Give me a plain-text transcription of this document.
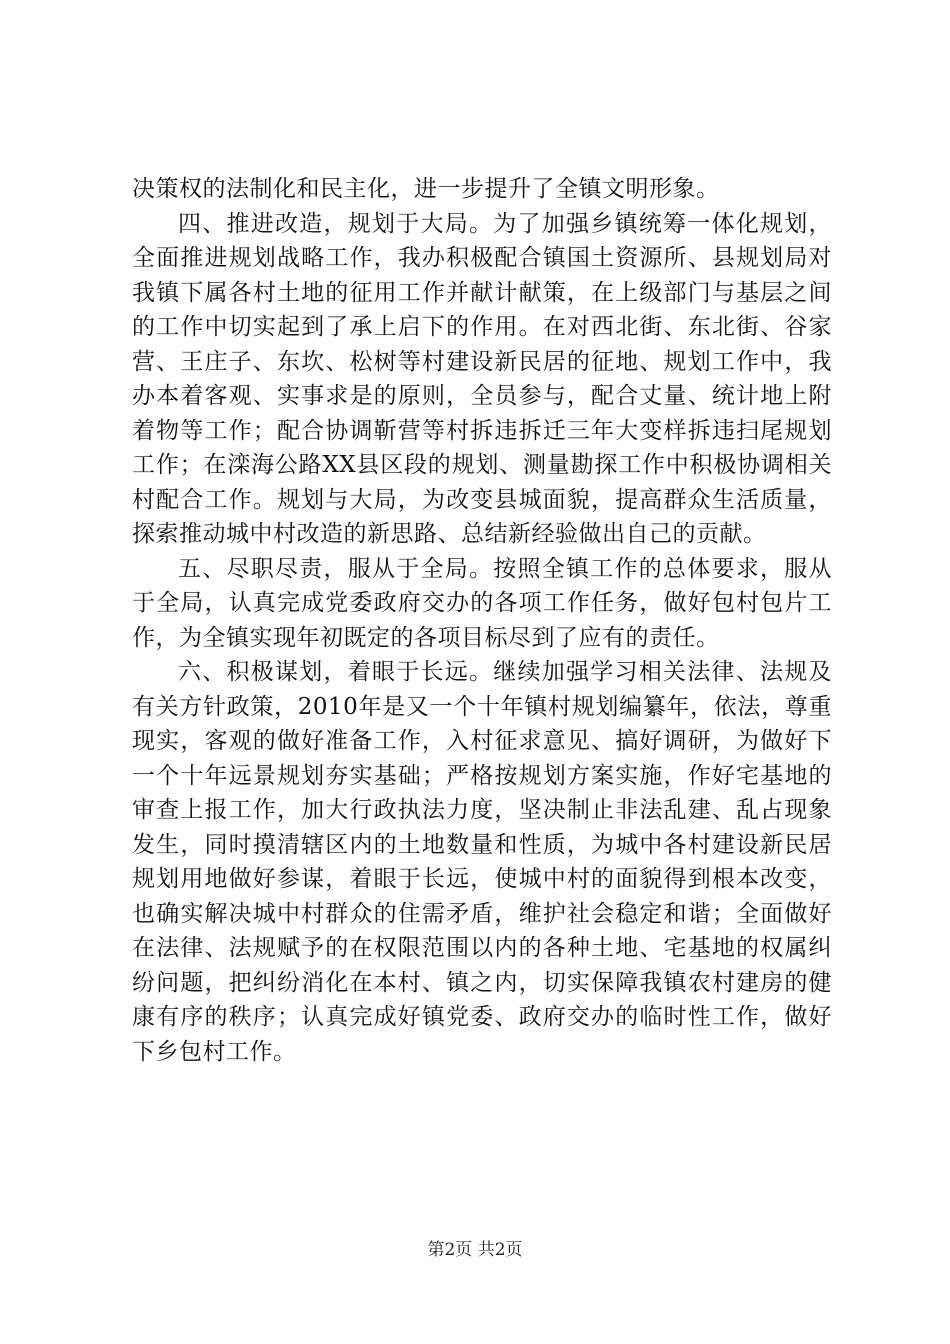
决策权的法制化和民主化，进一步提升了全镇文明形象。

四、推进改造，规划于大局。为了加强乡镇统筹一体化规划，全面推进规划战略工作，我办积极配合镇国土资源所、县规划局对我镇下属各村土地的征用工作并献计献策，在上级部门与基层之间的工作中切实起到了承上启下的作用。在对西北街、东北街、谷家营、王庄子、东坎、松树等村建设新民居的征地、规划工作中，我办本着客观、实事求是的原则，全员参与，配合丈量、统计地上附着物等工作；配合协调靳营等村拆违拆迁三年大变样拆违扫尾规划工作；在滦海公路XX县区段的规划、测量勘探工作中积极协调相关村配合工作。规划与大局，为改变县城面貌，提高群众生活质量，探索推动城中村改造的新思路、总结新经验做出自己的贡献。

五、尽职尽责，服从于全局。按照全镇工作的总体要求，服从于全局，认真完成党委政府交办的各项工作任务，做好包村包片工作，为全镇实现年初既定的各项目标尽到了应有的责任。

六、积极谋划，着眼于长远。继续加强学习相关法律、法规及有关方针政策，2010年是又一个十年镇村规划编纂年，依法，尊重现实，客观的做好准备工作，入村征求意见、搞好调研，为做好下一个十年远景规划夯实基础；严格按规划方案实施，作好宅基地的审查上报工作，加大行政执法力度，坚决制止非法乱建、乱占现象发生，同时摸清辖区内的土地数量和性质，为城中各村建设新民居规划用地做好参谋，着眼于长远，使城中村的面貌得到根本改变，也确实解决城中村群众的住需矛盾，维护社会稳定和谐；全面做好在法律、法规赋予的在权限范围以内的各种土地、宅基地的权属纠纷问题，把纠纷消化在本村、镇之内，切实保障我镇农村建房的健康有序的秩序；认真完成好镇党委、政府交办的临时性工作，做好下乡包村工作。

第2页 共2页
